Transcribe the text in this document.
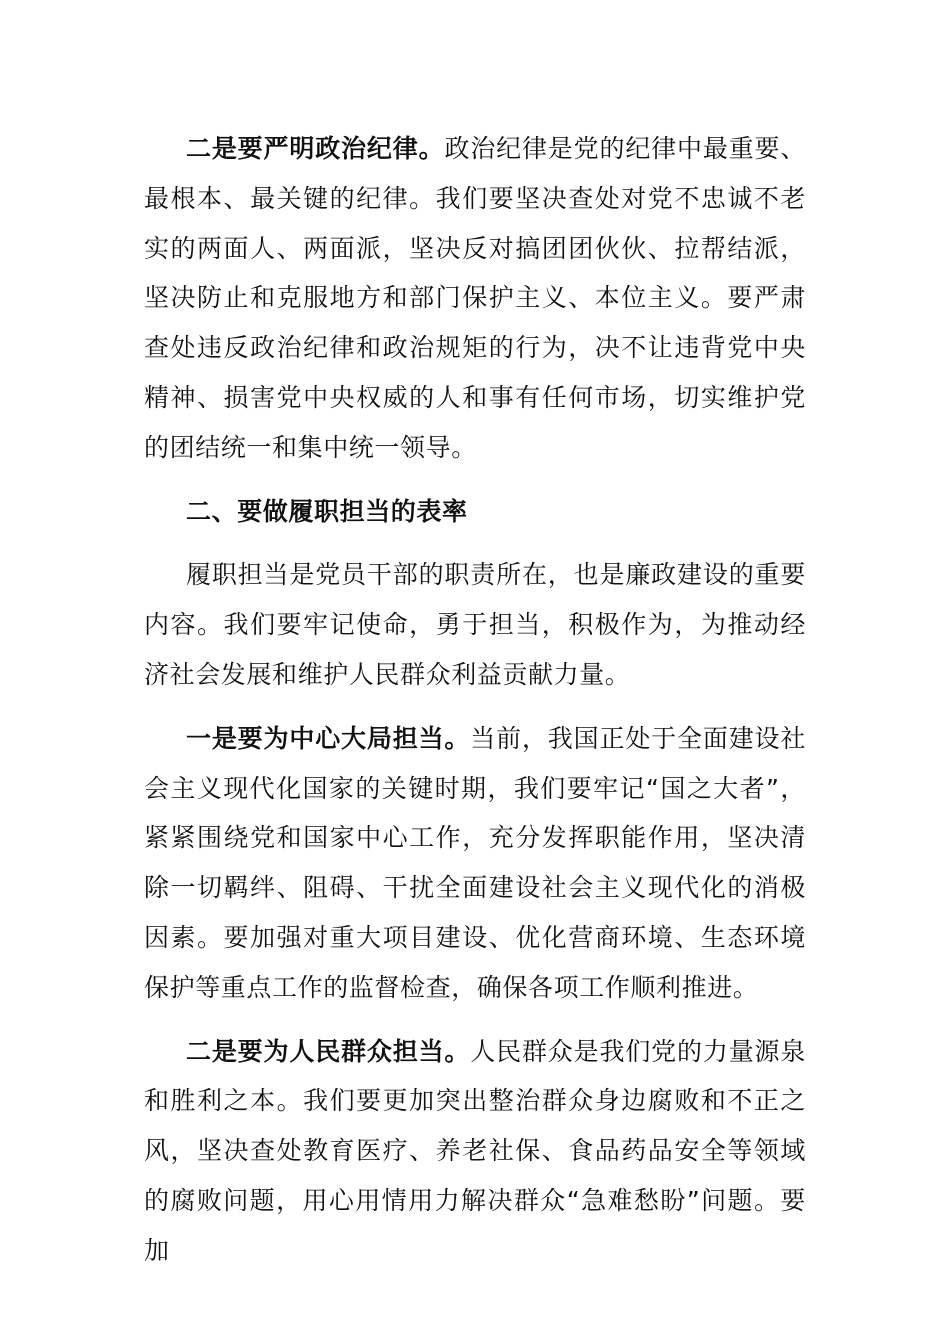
二是要严明政治纪律。政治纪律是党的纪律中最重要、最根本、最关键的纪律。我们要坚决查处对党不忠诚不老实的两面人、两面派，坚决反对搞团团伙伙、拉帮结派，坚决防止和克服地方和部门保护主义、本位主义。要严肃查处违反政治纪律和政治规矩的行为，决不让违背党中央精神、损害党中央权威的人和事有任何市场，切实维护党的团结统一和集中统一领导。

二、要做履职担当的表率

履职担当是党员干部的职责所在，也是廉政建设的重要内容。我们要牢记使命，勇于担当，积极作为，为推动经济社会发展和维护人民群众利益贡献力量。

一是要为中心大局担当。当前，我国正处于全面建设社会主义现代化国家的关键时期，我们要牢记“国之大者”，紧紧围绕党和国家中心工作，充分发挥职能作用，坚决清除一切羁绊、阻碍、干扰全面建设社会主义现代化的消极因素。要加强对重大项目建设、优化营商环境、生态环境保护等重点工作的监督检查，确保各项工作顺利推进。

二是要为人民群众担当。人民群众是我们党的力量源泉和胜利之本。我们要更加突出整治群众身边腐败和不正之风，坚决查处教育医疗、养老社保、食品药品安全等领域的腐败问题，用心用情用力解决群众“急难愁盼”问题。要加
